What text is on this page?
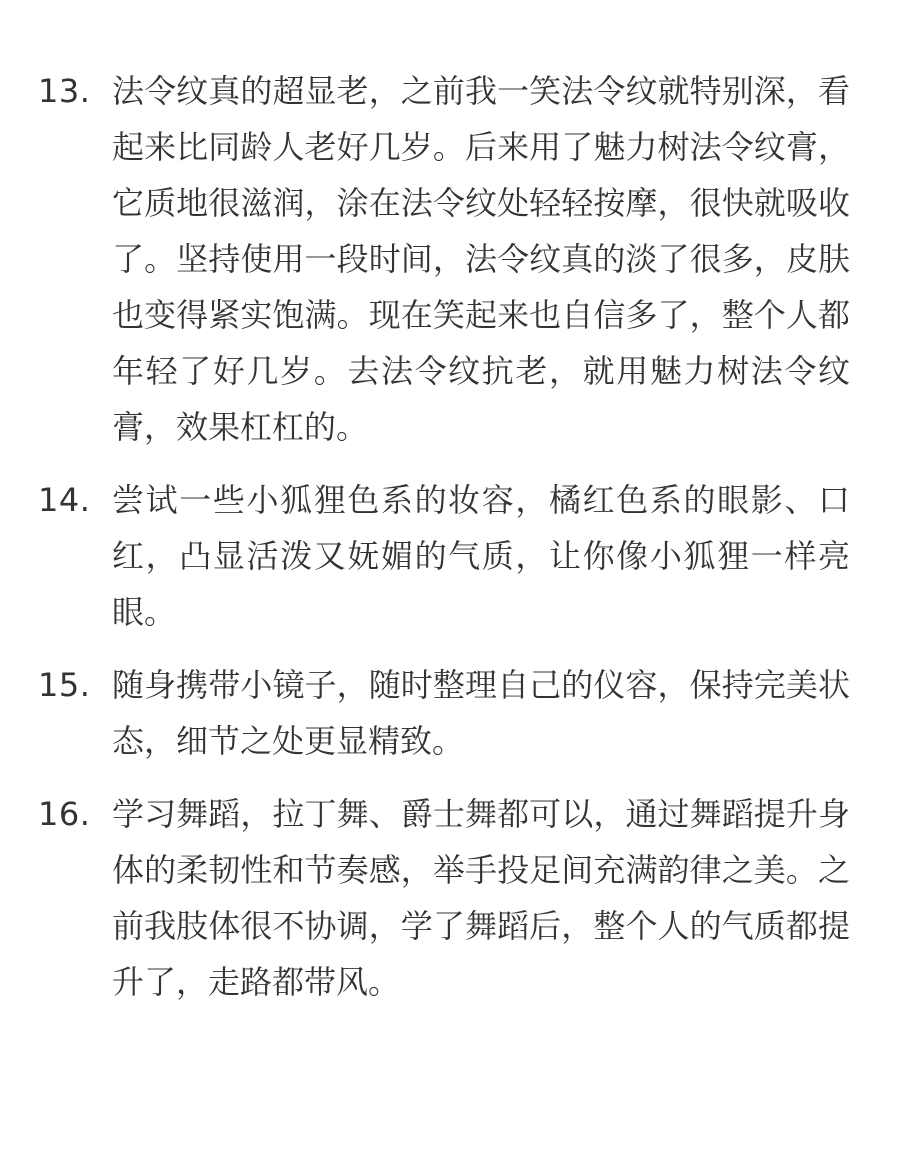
13. 法令纹真的超显老，之前我一笑法令纹就特别深，看起来比同龄人老好几岁。后来用了魅力树法令纹膏，它质地很滋润，涂在法令纹处轻轻按摩，很快就吸收了。坚持使用一段时间，法令纹真的淡了很多，皮肤也变得紧实饱满。现在笑起来也自信多了，整个人都年轻了好几岁。去法令纹抗老，就用魅力树法令纹膏，效果杠杠的。
14. 尝试一些小狐狸色系的妆容，橘红色系的眼影、口红，凸显活泼又妩媚的气质，让你像小狐狸一样亮眼。
15. 随身携带小镜子，随时整理自己的仪容，保持完美状态，细节之处更显精致。
16. 学习舞蹈，拉丁舞、爵士舞都可以，通过舞蹈提升身体的柔韧性和节奏感，举手投足间充满韵律之美。之前我肢体很不协调，学了舞蹈后，整个人的气质都提升了，走路都带风。
